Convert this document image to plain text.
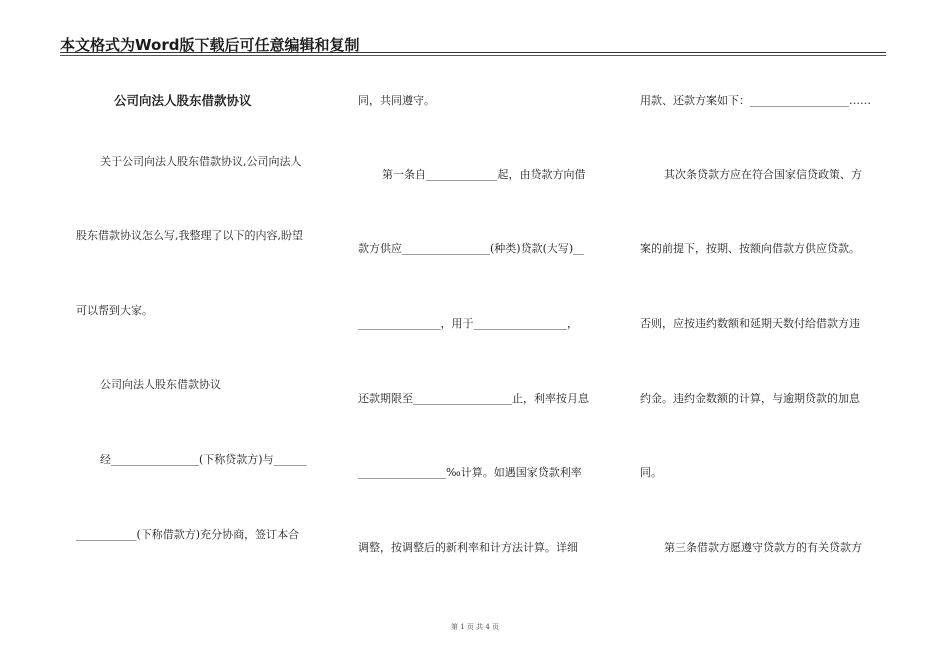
本文格式为Word版下载后可任意编辑和复制
公司向法人股东借款协议
关于公司向法人股东借款协议,公司向法人
股东借款协议怎么写,我整理了以下的内容,盼望
可以帮到大家。
公司向法人股东借款协议
经________________(下称贷款方)与______
___________(下称借款方)充分协商，签订本合
同，共同遵守。
第一条自_____________起，由贷款方向借
款方供应________________(种类)贷款(大写)__
_______________，用于_________________，
还款期限至__________________止，利率按月息
________________‰计算。如遇国家贷款利率
调整，按调整后的新利率和计方法计算。详细
用款、还款方案如下：__________________……
其次条贷款方应在符合国家信贷政策、方
案的前提下，按期、按额向借款方供应贷款。
否则，应按违约数额和延期天数付给借款方违
约金。违约金数额的计算，与逾期贷款的加息
同。
第三条借款方愿遵守贷款方的有关贷款方
第 1 页 共 4 页
